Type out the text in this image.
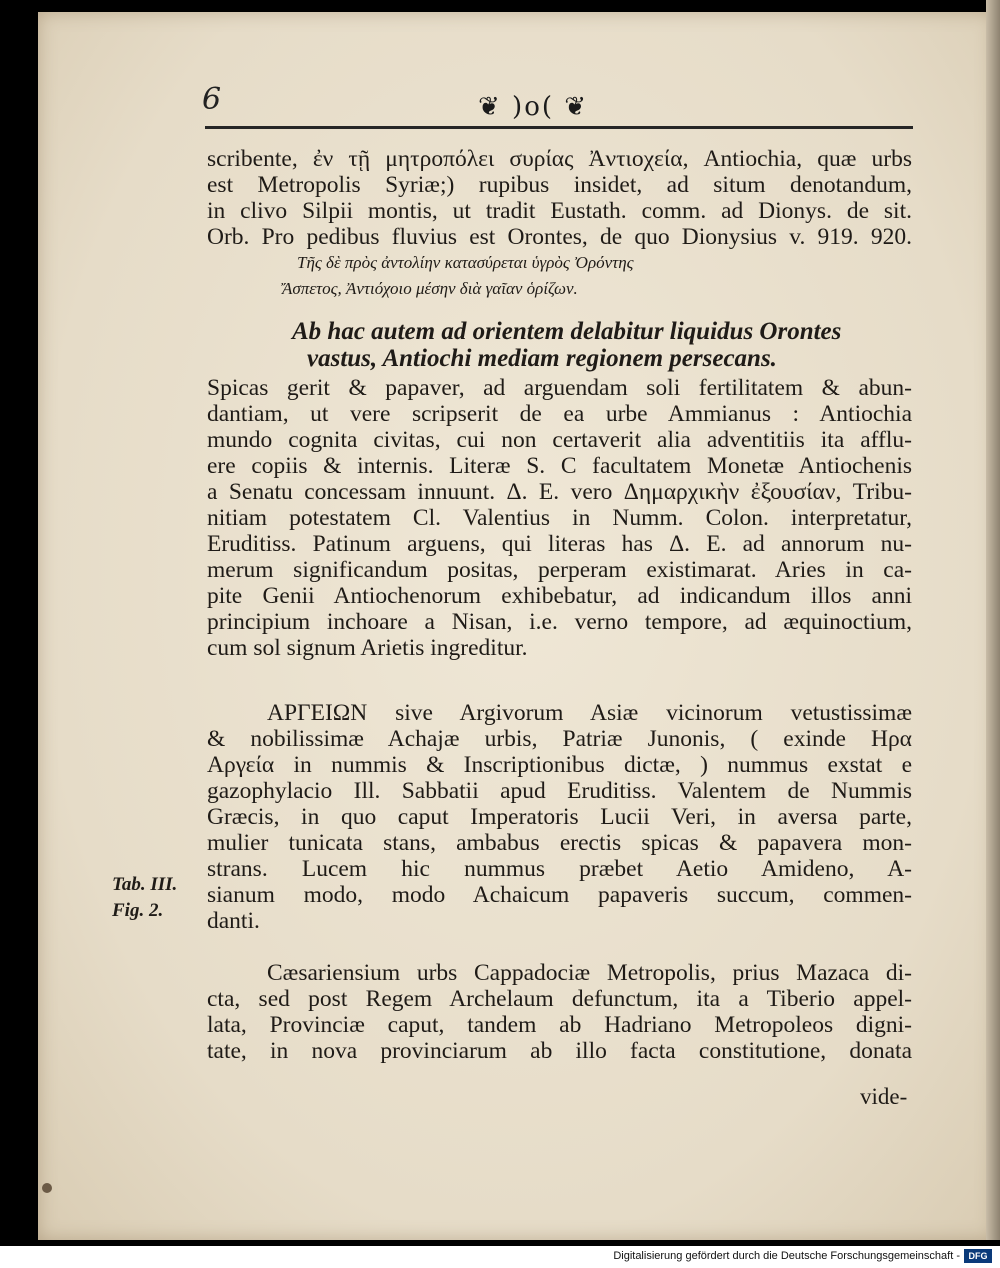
6	❦ )o( ❦
scribente, ἐν τῇ μητροπόλει συρίας Ἀντιοχεία, Antiochia, quæ urbs
est Metropolis Syriæ;) rupibus insidet, ad situm denotandum,
in clivo Silpii montis, ut tradit Eustath. comm. ad Dionys. de sit.
Orb. Pro pedibus fluvius est Orontes, de quo Dionysius v. 919. 920.
Τῆς δὲ πρὸς ἀντολίην κατασύρεται ὑγρὸς Ὀρόντης
Ἄσπετος, Ἀντιόχοιο μέσην διὰ γαῖαν ὁρίζων.
Ab hac autem ad orientem delabitur liquidus Orontes
vastus, Antiochi mediam regionem persecans.
Spicas gerit & papaver, ad arguendam soli fertilitatem & abun-
dantiam, ut vere scripserit de ea urbe Ammianus : Antiochia
mundo cognita civitas, cui non certaverit alia adventitiis ita afflu-
ere copiis & internis. Literæ S. C facultatem Monetæ Antiochenis
a Senatu concessam innuunt. Δ. E. vero Δημαρχικὴν ἐξουσίαν, Tribu-
nitiam potestatem Cl. Valentius in Numm. Colon. interpretatur,
Eruditiss. Patinum arguens, qui literas has Δ. E. ad annorum nu-
merum significandum positas, perperam existimarat. Aries in ca-
pite Genii Antiochenorum exhibebatur, ad indicandum illos anni
principium inchoare a Nisan, i.e. verno tempore, ad æquinoctium,
cum sol signum Arietis ingreditur.
ΑΡΓΕΙΩΝ sive Argivorum Asiæ vicinorum vetustissimæ
& nobilissimæ Achajæ urbis, Patriæ Junonis, ( exinde Ηρα
Αργεία in nummis & Inscriptionibus dictæ, ) nummus exstat e
gazophylacio Ill. Sabbatii apud Eruditiss. Valentem de Nummis
Græcis, in quo caput Imperatoris Lucii Veri, in aversa parte,
mulier tunicata stans, ambabus erectis spicas & papavera mon-
strans. Lucem hic nummus præbet Aetio Amideno, A-
sianum modo, modo Achaicum papaveris succum, commen-
danti.
Tab. III.
Fig. 2.
Cæsariensium urbs Cappadociæ Metropolis, prius Mazaca di-
cta, sed post Regem Archelaum defunctum, ita a Tiberio appel-
lata, Provinciæ caput, tandem ab Hadriano Metropoleos digni-
tate, in nova provinciarum ab illo facta constitutione, donata
vide-
Digitalisierung gefördert durch die Deutsche Forschungsgemeinschaft - DFG
